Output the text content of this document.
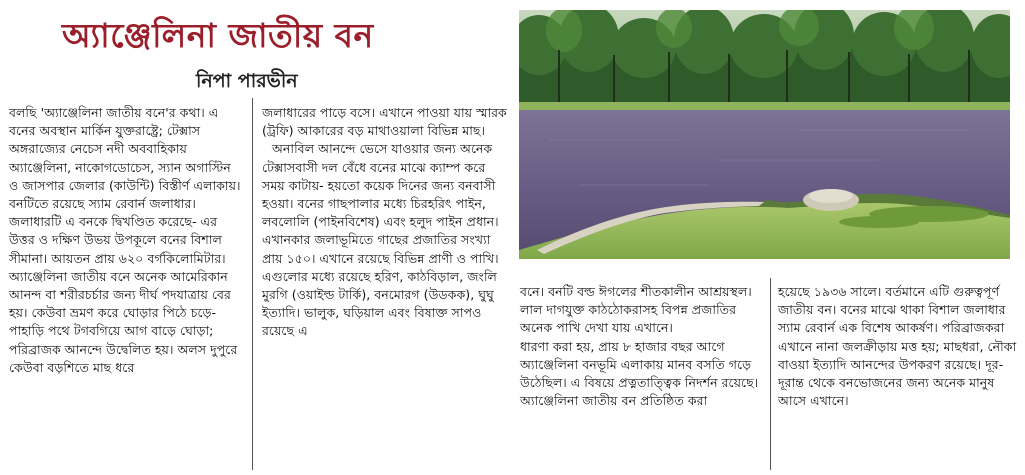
অ্যাঞ্জেলিনা জাতীয় বন
নিপা পারভীন

বলছি 'অ্যাঞ্জেলিনা জাতীয় বনে'র কথা। এ বনের অবস্থান মার্কিন যুক্তরাষ্ট্রে; টেক্সাস অঙ্গরাজ্যের নেচেস নদী অববাহিকায় অ্যাঞ্জেলিনা, নাকোগডোচেস, স্যান অগাস্টিন ও জাসপার জেলার (কাউন্টি) বিস্তীর্ণ এলাকায়। বনটিতে রয়েছে স্যাম রেবার্ন জলাধার। জলাধারটি এ বনকে দ্বিখণ্ডিত করেছে- এর উত্তর ও দক্ষিণ উভয় উপকূলে বনের বিশাল সীমানা। আয়তন প্রায় ৬২০ বর্গকিলোমিটার।

অ্যাঞ্জেলিনা জাতীয় বনে অনেক আমেরিকান আনন্দ বা শরীরচর্চার জন্য দীর্ঘ পদযাত্রায় বের হয়। কেউবা ভ্রমণ করে ঘোড়ার পিঠে চড়ে- পাহাড়ি পথে টগবগিয়ে আগ বাড়ে ঘোড়া; পরিব্রাজক আনন্দে উদ্বেলিত হয়। অলস দুপুরে কেউবা বড়শিতে মাছ ধরে

জলাধারের পাড়ে বসে। এখানে পাওয়া যায় স্মারক (ট্রফি) আকারের বড় মাথাওয়ালা বিভিন্ন মাছ।

অনাবিল আনন্দে ভেসে যাওয়ার জন্য অনেক টেক্সাসবাসী দল বেঁধে বনের মাঝে ক্যাম্প করে সময় কাটায়- হয়তো কয়েক দিনের জন্য বনবাসী হওয়া। বনের গাছপালার মধ্যে চিরহরিৎ পাইন, লবলোলি (পাইনবিশেষ) এবং হলুদ পাইন প্রধান।

এখানকার জলাভূমিতে গাছের প্রজাতির সংখ্যা প্রায় ১৫০। এখানে রয়েছে বিভিন্ন প্রাণী ও পাখি। এগুলোর মধ্যে রয়েছে হরিণ, কাঠবিড়াল, জংলি মুরগি (ওয়াইল্ড টার্কি), বনমোরগ (উডকক), ঘুঘু ইত্যাদি। ভালুক, ঘড়িয়াল এবং বিষাক্ত সাপও রয়েছে এ

বনে। বনটি বল্ড ঈগলের শীতকালীন আশ্রয়স্থল। লাল দাগযুক্ত কাঠঠোকরাসহ বিপন্ন প্রজাতির অনেক পাখি দেখা যায় এখানে।

ধারণা করা হয়, প্রায় ৮ হাজার বছর আগে অ্যাঞ্জেলিনা বনভূমি এলাকায় মানব বসতি গড়ে উঠেছিল। এ বিষয়ে প্রত্নতাত্ত্বিক নিদর্শন রয়েছে। অ্যাঞ্জেলিনা জাতীয় বন প্রতিষ্ঠিত করা

হয়েছে ১৯৩৬ সালে। বর্তমানে এটি গুরুত্বপূর্ণ জাতীয় বন। বনের মাঝে থাকা বিশাল জলাধার স্যাম রেবার্ন এক বিশেষ আকর্ষণ। পরিব্রাজকরা এখানে নানা জলক্রীড়ায় মত্ত হয়; মাছধরা, নৌকা বাওয়া ইত্যাদি আনন্দের উপকরণ রয়েছে। দূর-দূরান্ত থেকে বনভোজনের জন্য অনেক মানুষ আসে এখানে।
